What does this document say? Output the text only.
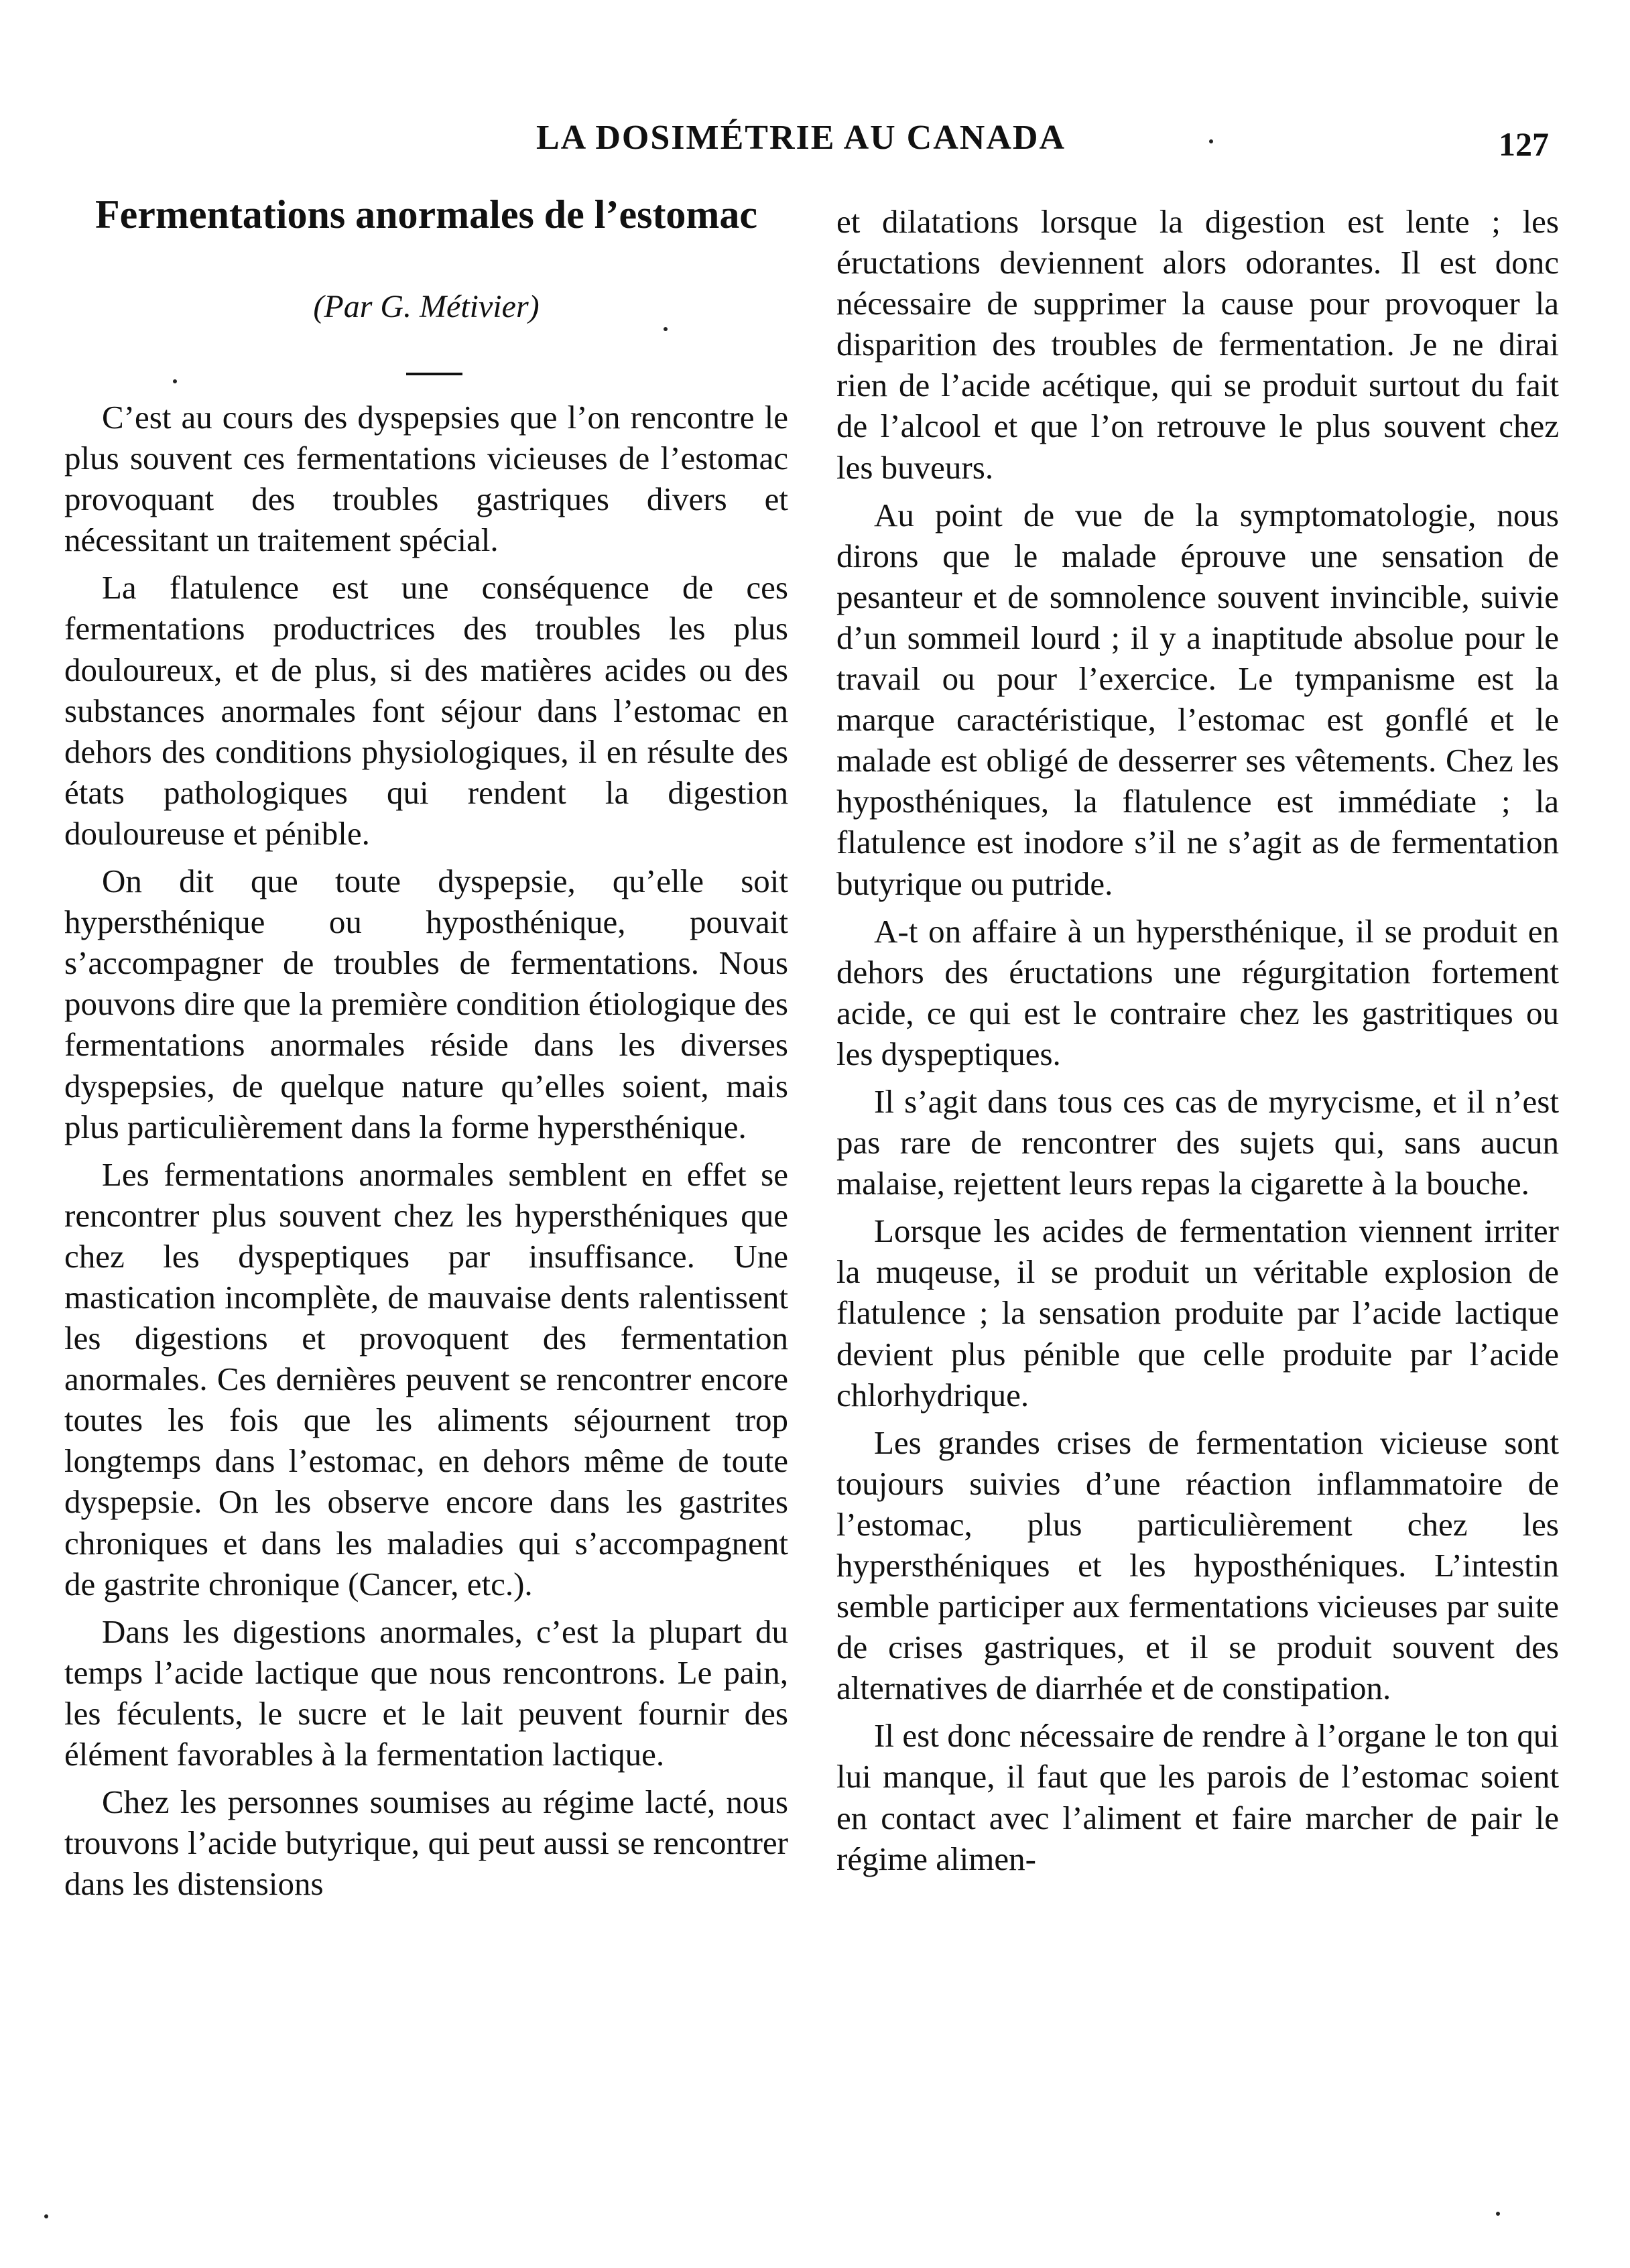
LA DOSIMÉTRIE AU CANADA	127
Fermentations anormales de l’estomac
(Par G. Métivier)

C’est au cours des dyspepsies que l’on rencontre le plus souvent ces fermentations vicieuses de l’estomac provoquant des troubles gastriques divers et nécessitant un traitement spécial.

La flatulence est une conséquence de ces fermentations productrices des troubles les plus douloureux, et de plus, si des matières acides ou des substances anormales font séjour dans l’estomac en dehors des conditions physiologiques, il en résulte des états pathologiques qui rendent la digestion douloureuse et pénible.

On dit que toute dyspepsie, qu’elle soit hypersthénique ou hyposthénique, pouvait s’accompagner de troubles de fermentations. Nous pouvons dire que la première condition étiologique des fermentations anormales réside dans les diverses dyspepsies, de quelque nature qu’elles soient, mais plus particulièrement dans la forme hypersthénique.

Les fermentations anormales semblent en effet se rencontrer plus souvent chez les hypersthéniques que chez les dyspeptiques par insuffisance. Une mastication incomplète, de mauvaise dents ralentissent les digestions et provoquent des fermentation anormales. Ces dernières peuvent se rencontrer encore toutes les fois que les aliments séjournent trop longtemps dans l’estomac, en dehors même de toute dyspepsie. On les observe encore dans les gastrites chroniques et dans les maladies qui s’accompagnent de gastrite chronique (Cancer, etc.).

Dans les digestions anormales, c’est la plupart du temps l’acide lactique que nous rencontrons. Le pain, les féculents, le sucre et le lait peuvent fournir des élément favorables à la fermentation lactique.

Chez les personnes soumises au régime lacté, nous trouvons l’acide butyrique, qui peut aussi se rencontrer dans les distensions

et dilatations lorsque la digestion est lente ; les éructations deviennent alors odorantes. Il est donc nécessaire de supprimer la cause pour provoquer la disparition des troubles de fermentation. Je ne dirai rien de l’acide acétique, qui se produit surtout du fait de l’alcool et que l’on retrouve le plus souvent chez les buveurs.

Au point de vue de la symptomatologie, nous dirons que le malade éprouve une sensation de pesanteur et de somnolence souvent invincible, suivie d’un sommeil lourd ; il y a inaptitude absolue pour le travail ou pour l’exercice. Le tympanisme est la marque caractéristique, l’estomac est gonflé et le malade est obligé de desserrer ses vêtements. Chez les hyposthéniques, la flatulence est immédiate ; la flatulence est inodore s’il ne s’agit as de fermentation butyrique ou putride.

A-t on affaire à un hypersthénique, il se produit en dehors des éructations une régurgitation fortement acide, ce qui est le contraire chez les gastritiques ou les dyspeptiques.

Il s’agit dans tous ces cas de myrycisme, et il n’est pas rare de rencontrer des sujets qui, sans aucun malaise, rejettent leurs repas la cigarette à la bouche.

Lorsque les acides de fermentation viennent irriter la muqeuse, il se produit un véritable explosion de flatulence ; la sensation produite par l’acide lactique devient plus pénible que celle produite par l’acide chlorhydrique.

Les grandes crises de fermentation vicieuse sont toujours suivies d’une réaction inflammatoire de l’estomac, plus particulièrement chez les hypersthéniques et les hyposthéniques. L’intestin semble participer aux fermentations vicieuses par suite de crises gastriques, et il se produit souvent des alternatives de diarrhée et de constipation.

Il est donc nécessaire de rendre à l’organe le ton qui lui manque, il faut que les parois de l’estomac soient en contact avec l’aliment et faire marcher de pair le régime alimen-
